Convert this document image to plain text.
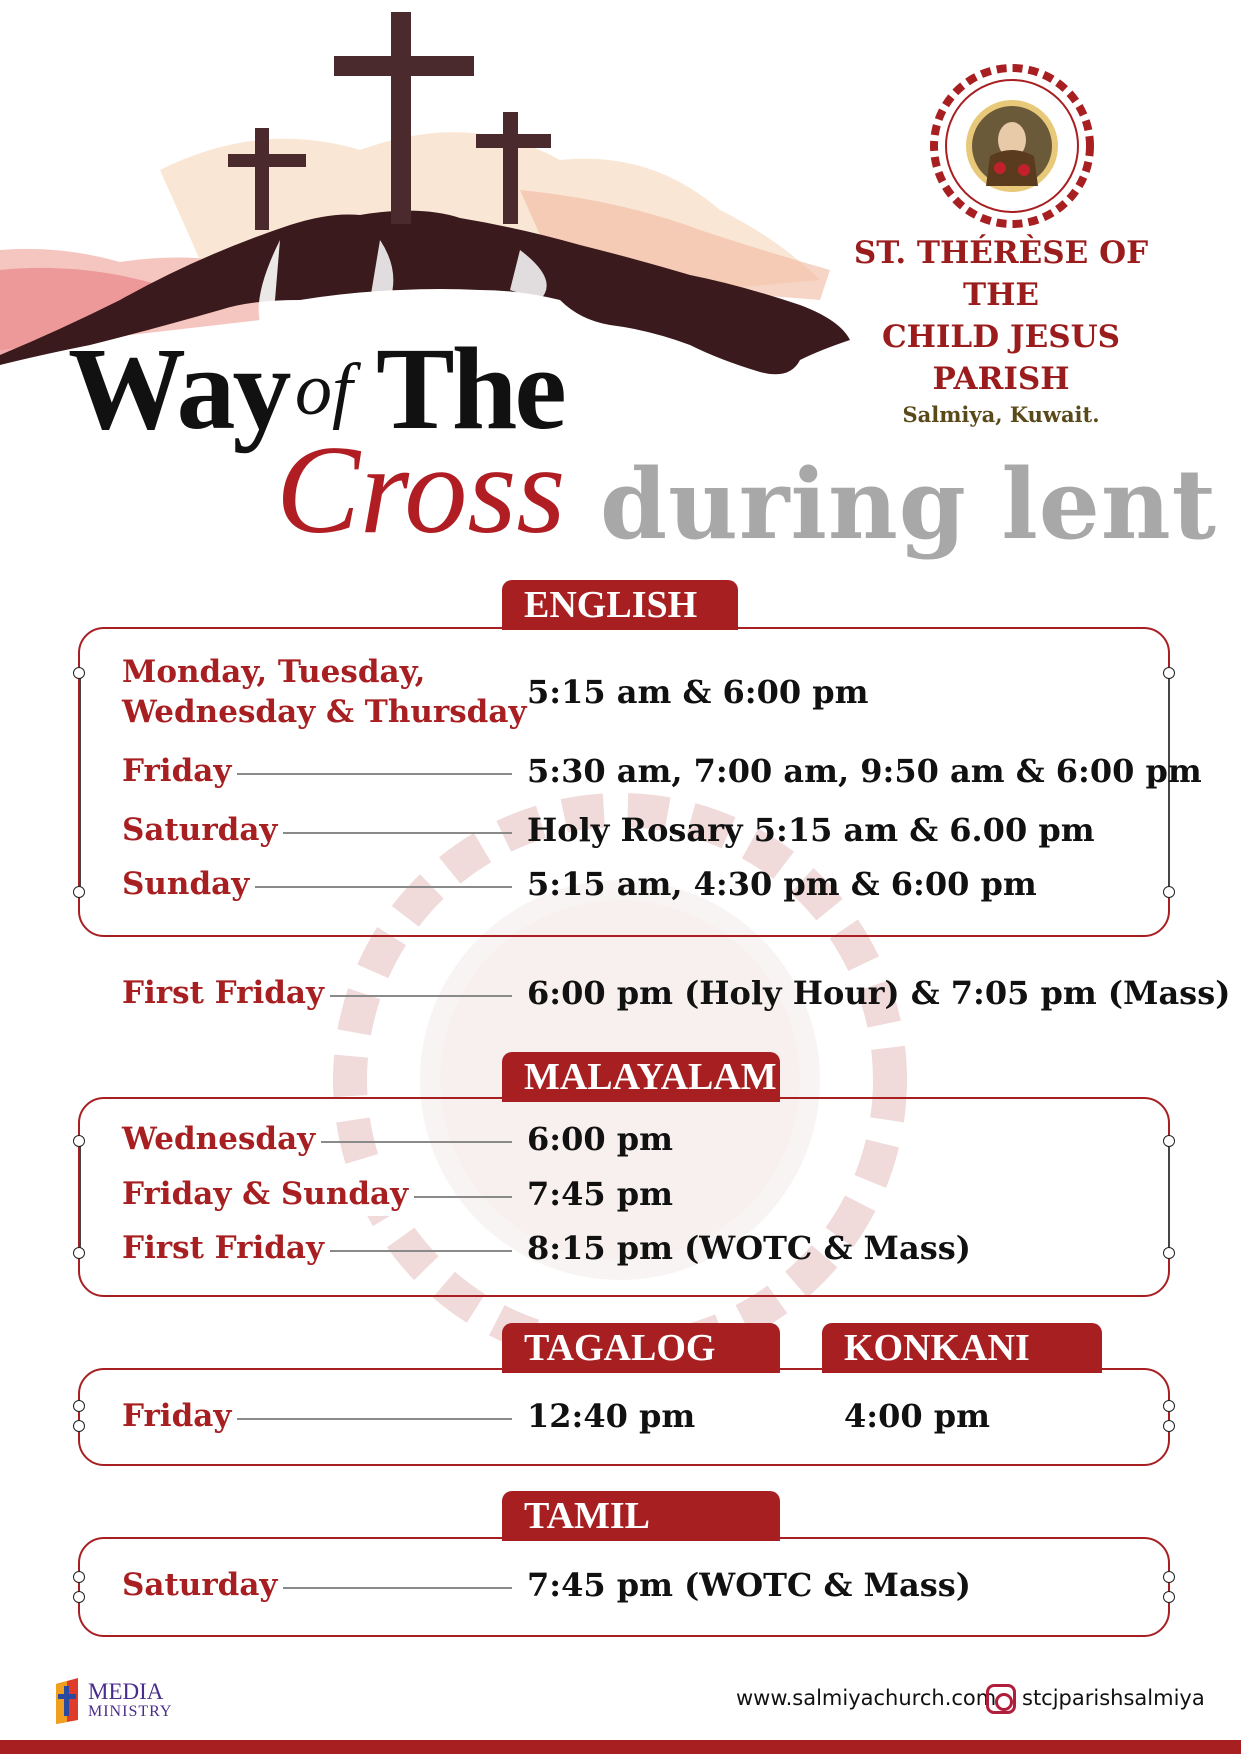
ST. THÉRÈSE OF THE
CHILD JESUS PARISH
Salmiya, Kuwait.
Way of The
Cross during lent
ENGLISH
Monday, Tuesday,
Wednesday & Thursday
5:15 am & 6:00 pm
Friday	5:30 am, 7:00 am, 9:50 am & 6:00 pm
Saturday	Holy Rosary 5:15 am & 6.00 pm
Sunday	5:15 am, 4:30 pm & 6:00 pm
First Friday	6:00 pm (Holy Hour) & 7:05 pm (Mass)
MALAYALAM
Wednesday	6:00 pm
Friday & Sunday	7:45 pm
First Friday	8:15 pm (WOTC & Mass)
TAGALOG	KONKANI
Friday	12:40 pm	4:00 pm
TAMIL
Saturday	7:45 pm (WOTC & Mass)
MEDIA
MINISTRY
www.salmiyachurch.com stcjparishsalmiya
